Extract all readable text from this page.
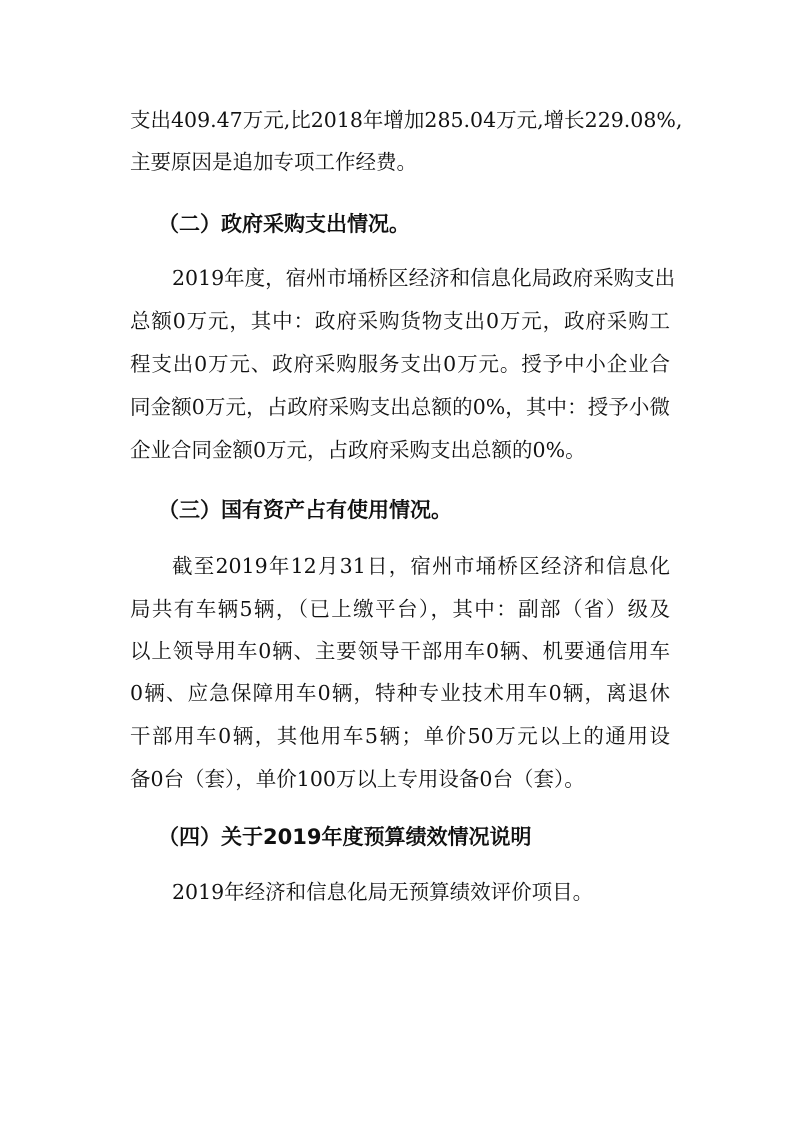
支出409.47万元,比2018年增加285.04万元,增长229.08%,
主要原因是追加专项工作经费。
（二）政府采购支出情况。
2019年度，宿州市埇桥区经济和信息化局政府采购支出
总额0万元，其中：政府采购货物支出0万元，政府采购工
程支出0万元、政府采购服务支出0万元。授予中小企业合
同金额0万元，占政府采购支出总额的0%，其中：授予小微
企业合同金额0万元，占政府采购支出总额的0%。
（三）国有资产占有使用情况。
截至2019年12月31日，宿州市埇桥区经济和信息化
局共有车辆5辆，（已上缴平台），其中：副部（省）级及
以上领导用车0辆、主要领导干部用车0辆、机要通信用车
0辆、应急保障用车0辆，特种专业技术用车0辆，离退休
干部用车0辆，其他用车5辆；单价50万元以上的通用设
备0台（套），单价100万以上专用设备0台（套）。
（四）关于2019年度预算绩效情况说明
2019年经济和信息化局无预算绩效评价项目。
